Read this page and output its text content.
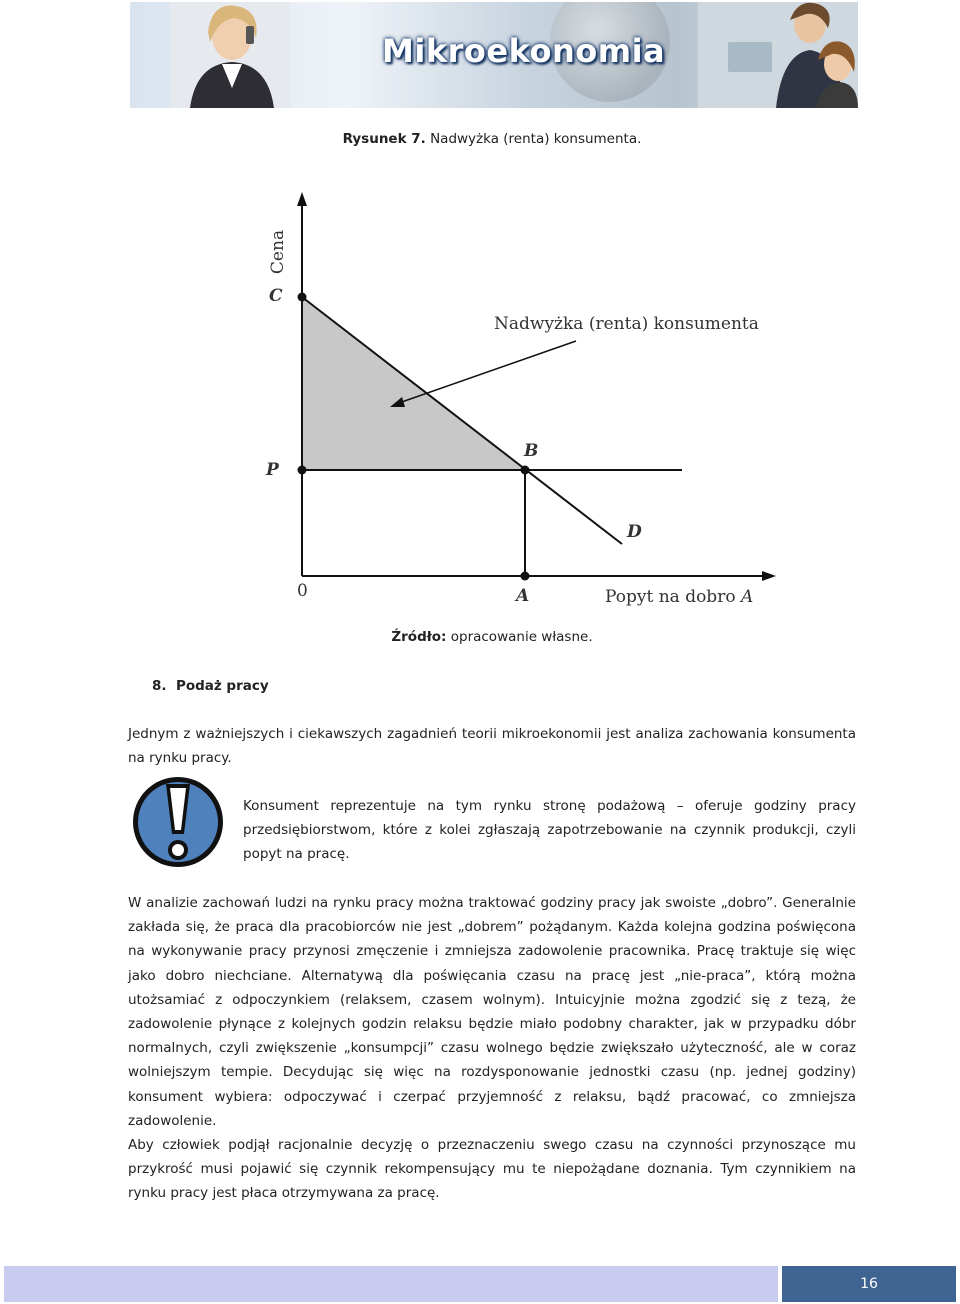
Mikroekonomia
Rysunek 7. Nadwyżka (renta) konsumenta.
Cena
C
P
B
D
A
0
Nadwyżka (renta) konsumenta
Popyt na dobro A
Źródło: opracowanie własne.
8. Podaż pracy
Jednym z ważniejszych i ciekawszych zagadnień teorii mikroekonomii jest analiza zachowania konsumenta na rynku pracy.
Konsument reprezentuje na tym rynku stronę podażową – oferuje godziny pracy przedsiębiorstwom, które z kolei zgłaszają zapotrzebowanie na czynnik produkcji, czyli popyt na pracę.
W analizie zachowań ludzi na rynku pracy można traktować godziny pracy jak swoiste „dobro”. Generalnie zakłada się, że praca dla pracobiorców nie jest „dobrem” pożądanym. Każda kolejna godzina poświęcona na wykonywanie pracy przynosi zmęczenie i zmniejsza zadowolenie pracownika. Pracę traktuje się więc jako dobro niechciane. Alternatywą dla poświęcania czasu na pracę jest „nie-praca”, którą można utożsamiać z odpoczynkiem (relaksem, czasem wolnym). Intuicyjnie można zgodzić się z tezą, że zadowolenie płynące z kolejnych godzin relaksu będzie miało podobny charakter, jak w przypadku dóbr normalnych, czyli zwiększenie „konsumpcji” czasu wolnego będzie zwiększało użyteczność, ale w coraz wolniejszym tempie. Decydując się więc na rozdysponowanie jednostki czasu (np. jednej godziny) konsument wybiera: odpoczywać i czerpać przyjemność z relaksu, bądź pracować, co zmniejsza zadowolenie.
Aby człowiek podjął racjonalnie decyzję o przeznaczeniu swego czasu na czynności przynoszące mu przykrość musi pojawić się czynnik rekompensujący mu te niepożądane doznania. Tym czynnikiem na rynku pracy jest płaca otrzymywana za pracę.
16
